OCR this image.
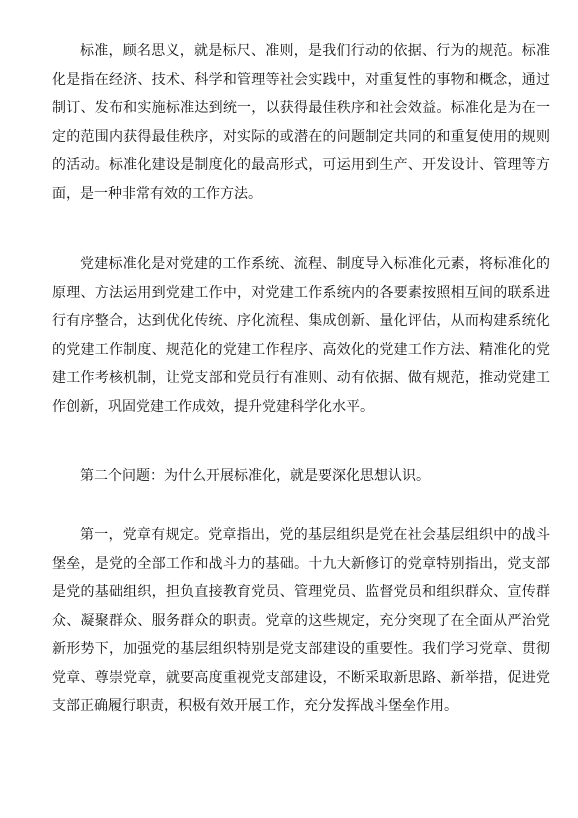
标准，顾名思义，就是标尺、准则，是我们行动的依据、行为的规范。标准化是指在经济、技术、科学和管理等社会实践中，对重复性的事物和概念，通过制订、发布和实施标准达到统一，以获得最佳秩序和社会效益。标准化是为在一定的范围内获得最佳秩序，对实际的或潜在的问题制定共同的和重复使用的规则的活动。标准化建设是制度化的最高形式，可运用到生产、开发设计、管理等方面，是一种非常有效的工作方法。

党建标准化是对党建的工作系统、流程、制度导入标准化元素，将标准化的原理、方法运用到党建工作中，对党建工作系统内的各要素按照相互间的联系进行有序整合，达到优化传统、序化流程、集成创新、量化评估，从而构建系统化的党建工作制度、规范化的党建工作程序、高效化的党建工作方法、精准化的党建工作考核机制，让党支部和党员行有准则、动有依据、做有规范，推动党建工作创新，巩固党建工作成效，提升党建科学化水平。

第二个问题：为什么开展标准化，就是要深化思想认识。

第一，党章有规定。党章指出，党的基层组织是党在社会基层组织中的战斗堡垒，是党的全部工作和战斗力的基础。十九大新修订的党章特别指出，党支部是党的基础组织，担负直接教育党员、管理党员、监督党员和组织群众、宣传群众、凝聚群众、服务群众的职责。党章的这些规定，充分突现了在全面从严治党新形势下，加强党的基层组织特别是党支部建设的重要性。我们学习党章、贯彻党章、尊崇党章，就要高度重视党支部建设，不断采取新思路、新举措，促进党支部正确履行职责，积极有效开展工作，充分发挥战斗堡垒作用。
